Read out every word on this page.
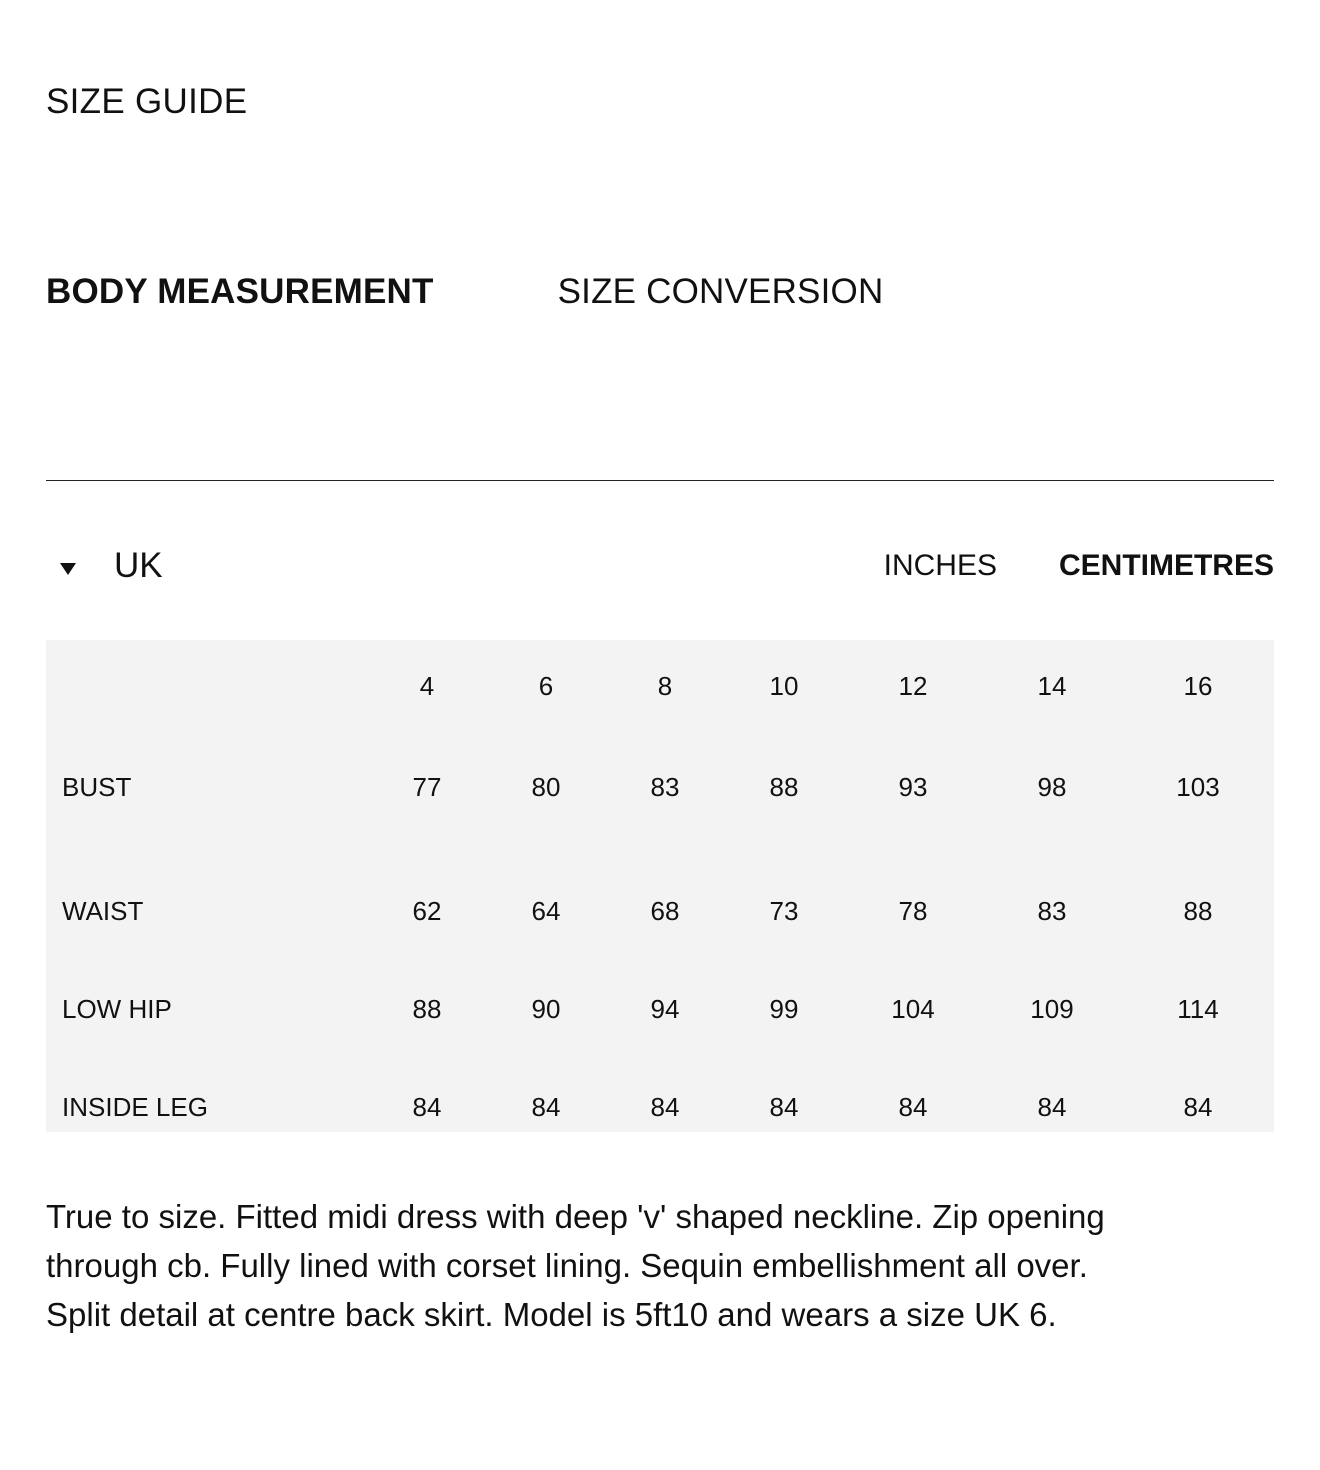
SIZE GUIDE
BODY MEASUREMENT	SIZE CONVERSION
UK	INCHES CENTIMETRES
	4	6	8	10	12	14	16
BUST	77	80	83	88	93	98	103
WAIST	62	64	68	73	78	83	88
LOW HIP	88	90	94	99	104	109	114
INSIDE LEG	84	84	84	84	84	84	84

True to size. Fitted midi dress with deep 'v' shaped neckline. Zip opening through cb. Fully lined with corset lining. Sequin embellishment all over. Split detail at centre back skirt. Model is 5ft10 and wears a size UK 6.
